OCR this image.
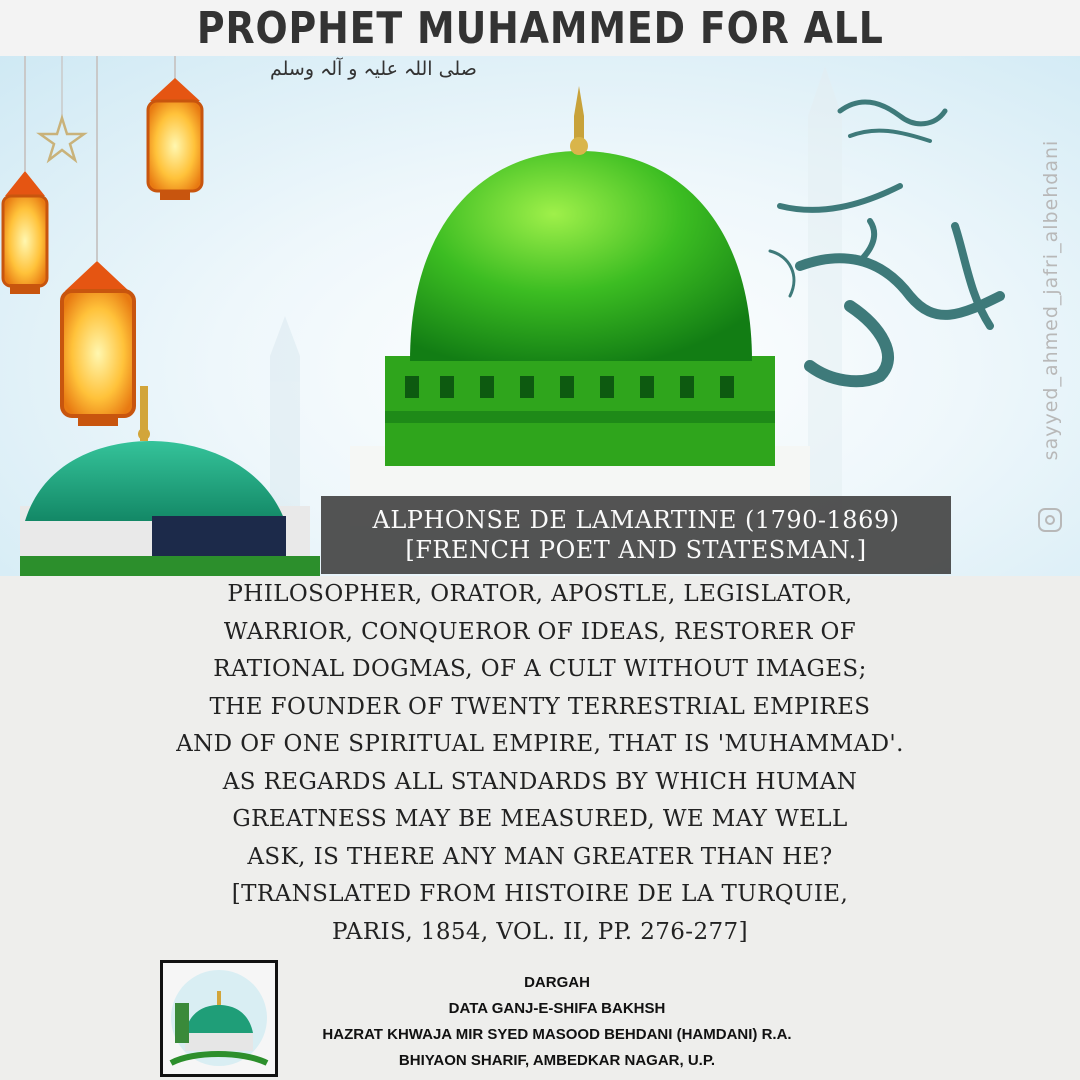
PROPHET MUHAMMED FOR ALL
صلی اللہ علیہ و آلہ وسلم
ALPHONSE DE LAMARTINE (1790-1869)
[FRENCH POET AND STATESMAN.]
sayyed_ahmed_jafri_albehdani
PHILOSOPHER, ORATOR, APOSTLE, LEGISLATOR,
WARRIOR, CONQUEROR OF IDEAS, RESTORER OF
RATIONAL DOGMAS, OF A CULT WITHOUT IMAGES;
THE FOUNDER OF TWENTY TERRESTRIAL EMPIRES
AND OF ONE SPIRITUAL EMPIRE, THAT IS 'MUHAMMAD'.
AS REGARDS ALL STANDARDS BY WHICH HUMAN
GREATNESS MAY BE MEASURED, WE MAY WELL
ASK, IS THERE ANY MAN GREATER THAN HE?
[TRANSLATED FROM HISTOIRE DE LA TURQUIE,
PARIS, 1854, VOL. II, PP. 276-277]
DARGAH
DATA GANJ-E-SHIFA BAKHSH
HAZRAT KHWAJA MIR SYED MASOOD BEHDANI (HAMDANI) R.A.
BHIYAON SHARIF, AMBEDKAR NAGAR, U.P.
